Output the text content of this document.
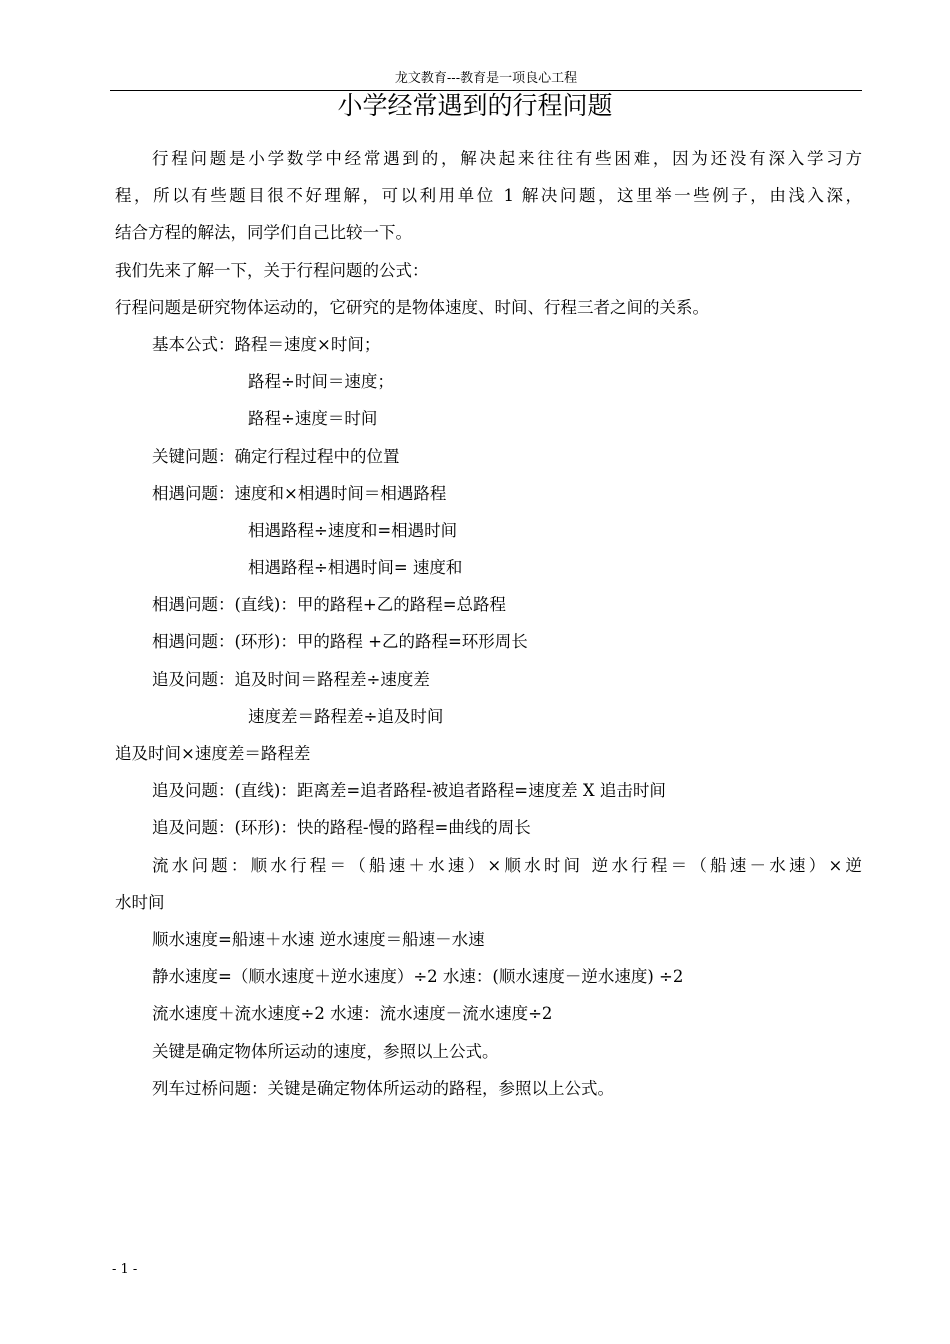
龙文教育---教育是一项良心工程
小学经常遇到的行程问题
行程问题是小学数学中经常遇到的，解决起来往往有些困难，因为还没有深入学习方
程，所以有些题目很不好理解，可以利用单位 1 解决问题，这里举一些例子，由浅入深，
结合方程的解法，同学们自己比较一下。
我们先来了解一下，关于行程问题的公式：
行程问题是研究物体运动的，它研究的是物体速度、时间、行程三者之间的关系。
基本公式：路程＝速度×时间；
路程÷时间＝速度；
路程÷速度＝时间
关键问题：确定行程过程中的位置
相遇问题：速度和×相遇时间＝相遇路程
相遇路程÷速度和=相遇时间
相遇路程÷相遇时间= 速度和
相遇问题：(直线)：甲的路程+乙的路程=总路程
相遇问题：(环形)：甲的路程 +乙的路程=环形周长
追及问题：追及时间＝路程差÷速度差
速度差＝路程差÷追及时间
追及时间×速度差＝路程差
追及问题：(直线)：距离差=追者路程-被追者路程=速度差 X 追击时间
追及问题：(环形)：快的路程-慢的路程=曲线的周长
流水问题：顺水行程＝（船速＋水速）×顺水时间 逆水行程＝（船速－水速）×逆
水时间
顺水速度=船速＋水速 逆水速度＝船速－水速
静水速度=（顺水速度＋逆水速度）÷2 水速：(顺水速度－逆水速度) ÷2
流水速度＋流水速度÷2 水速：流水速度－流水速度÷2
关键是确定物体所运动的速度，参照以上公式。
列车过桥问题：关键是确定物体所运动的路程，参照以上公式。
- 1 -
